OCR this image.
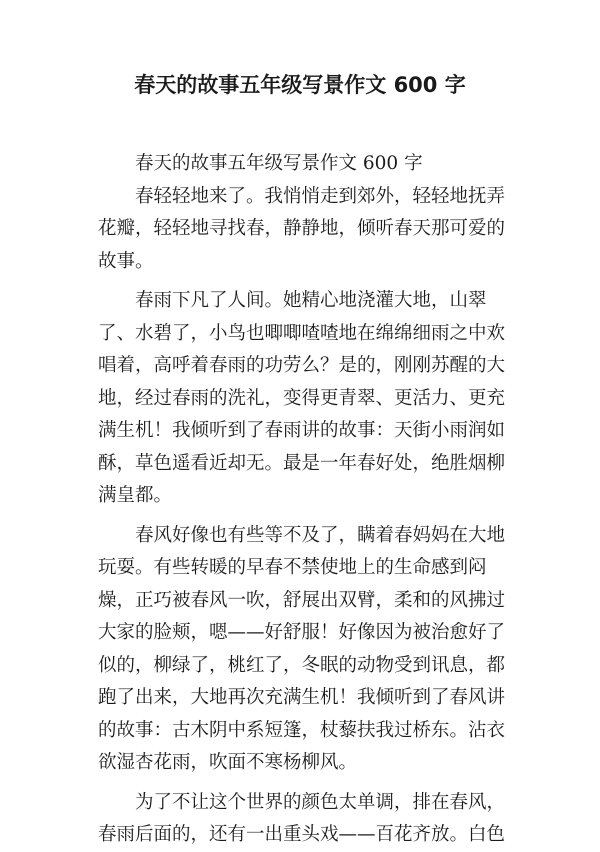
春天的故事五年级写景作文 600 字

春天的故事五年级写景作文 600 字

春轻轻地来了。我悄悄走到郊外，轻轻地抚弄花瓣，轻轻地寻找春，静静地，倾听春天那可爱的故事。

春雨下凡了人间。她精心地浇灌大地，山翠了、水碧了，小鸟也唧唧喳喳地在绵绵细雨之中欢唱着，高呼着春雨的功劳么？是的，刚刚苏醒的大地，经过春雨的洗礼，变得更青翠、更活力、更充满生机！我倾听到了春雨讲的故事：天街小雨润如酥，草色遥看近却无。最是一年春好处，绝胜烟柳满皇都。

春风好像也有些等不及了，瞒着春妈妈在大地玩耍。有些转暖的早春不禁使地上的生命感到闷燥，正巧被春风一吹，舒展出双臂，柔和的风拂过大家的脸颊，嗯——好舒服！好像因为被治愈好了似的，柳绿了，桃红了，冬眠的动物受到讯息，都跑了出来，大地再次充满生机！我倾听到了春风讲的故事：古木阴中系短篷，杖藜扶我过桥东。沾衣欲湿杏花雨，吹面不寒杨柳风。

为了不让这个世界的颜色太单调，排在春风，春雨后面的，还有一出重头戏——百花齐放。白色
